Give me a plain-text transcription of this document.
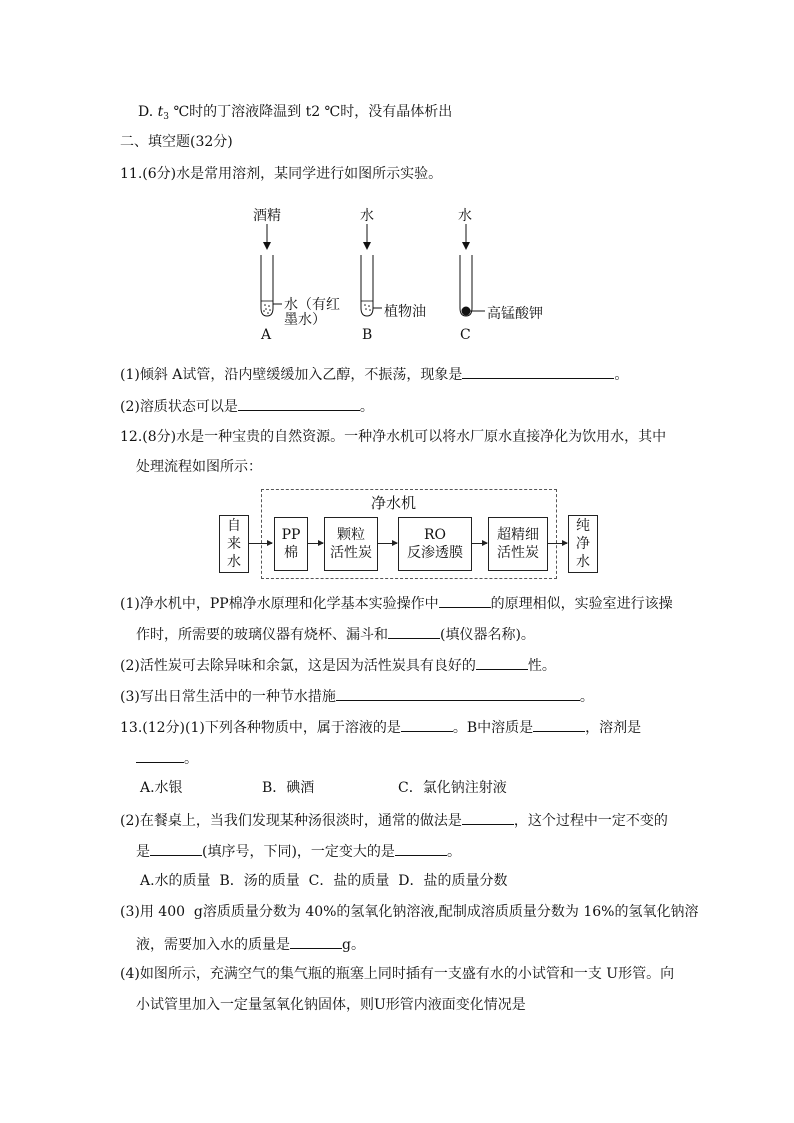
D. $t_3$ ℃时的丁溶液降温到 t2 ℃时，没有晶体析出
二、填空题(32分)
11.(6分)水是常用溶剂，某同学进行如图所示实验。
酒精
水（有红
墨水）
A
水
植物油
B
水
高锰酸钾
C
(1)倾斜 A试管，沿内壁缓缓加入乙醇，不振荡，现象是	。
(2)溶质状态可以是	。
12.(8分)水是一种宝贵的自然资源。一种净水机可以将水厂原水直接净化为饮用水，其中
处理流程如图所示：
净水机
自
来
水
PP
棉
颗粒
活性炭
RO
反渗透膜
超精细
活性炭
纯
净
水
(1)净水机中，PP棉净水原理和化学基本实验操作中	的原理相似，实验室进行该操
作时，所需要的玻璃仪器有烧杯、漏斗和	(填仪器名称)。
(2)活性炭可去除异味和余氯，这是因为活性炭具有良好的	性。
(3)写出日常生活中的一种节水措施	。
13.(12分)(1)下列各种物质中，属于溶液的是	。B中溶质是	，溶剂是
。
A.水银	B．碘酒	C．氯化钠注射液
(2)在餐桌上，当我们发现某种汤很淡时，通常的做法是	，这个过程中一定不变的
是	(填序号，下同)，一定变大的是	。
A.水的质量  B．汤的质量  C．盐的质量  D．盐的质量分数
(3)用 400  g溶质质量分数为 40%的氢氧化钠溶液,配制成溶质质量分数为 16%的氢氧化钠溶
液，需要加入水的质量是	g。
(4)如图所示，充满空气的集气瓶的瓶塞上同时插有一支盛有水的小试管和一支 U形管。向
小试管里加入一定量氢氧化钠固体，则U形管内液面变化情况是
